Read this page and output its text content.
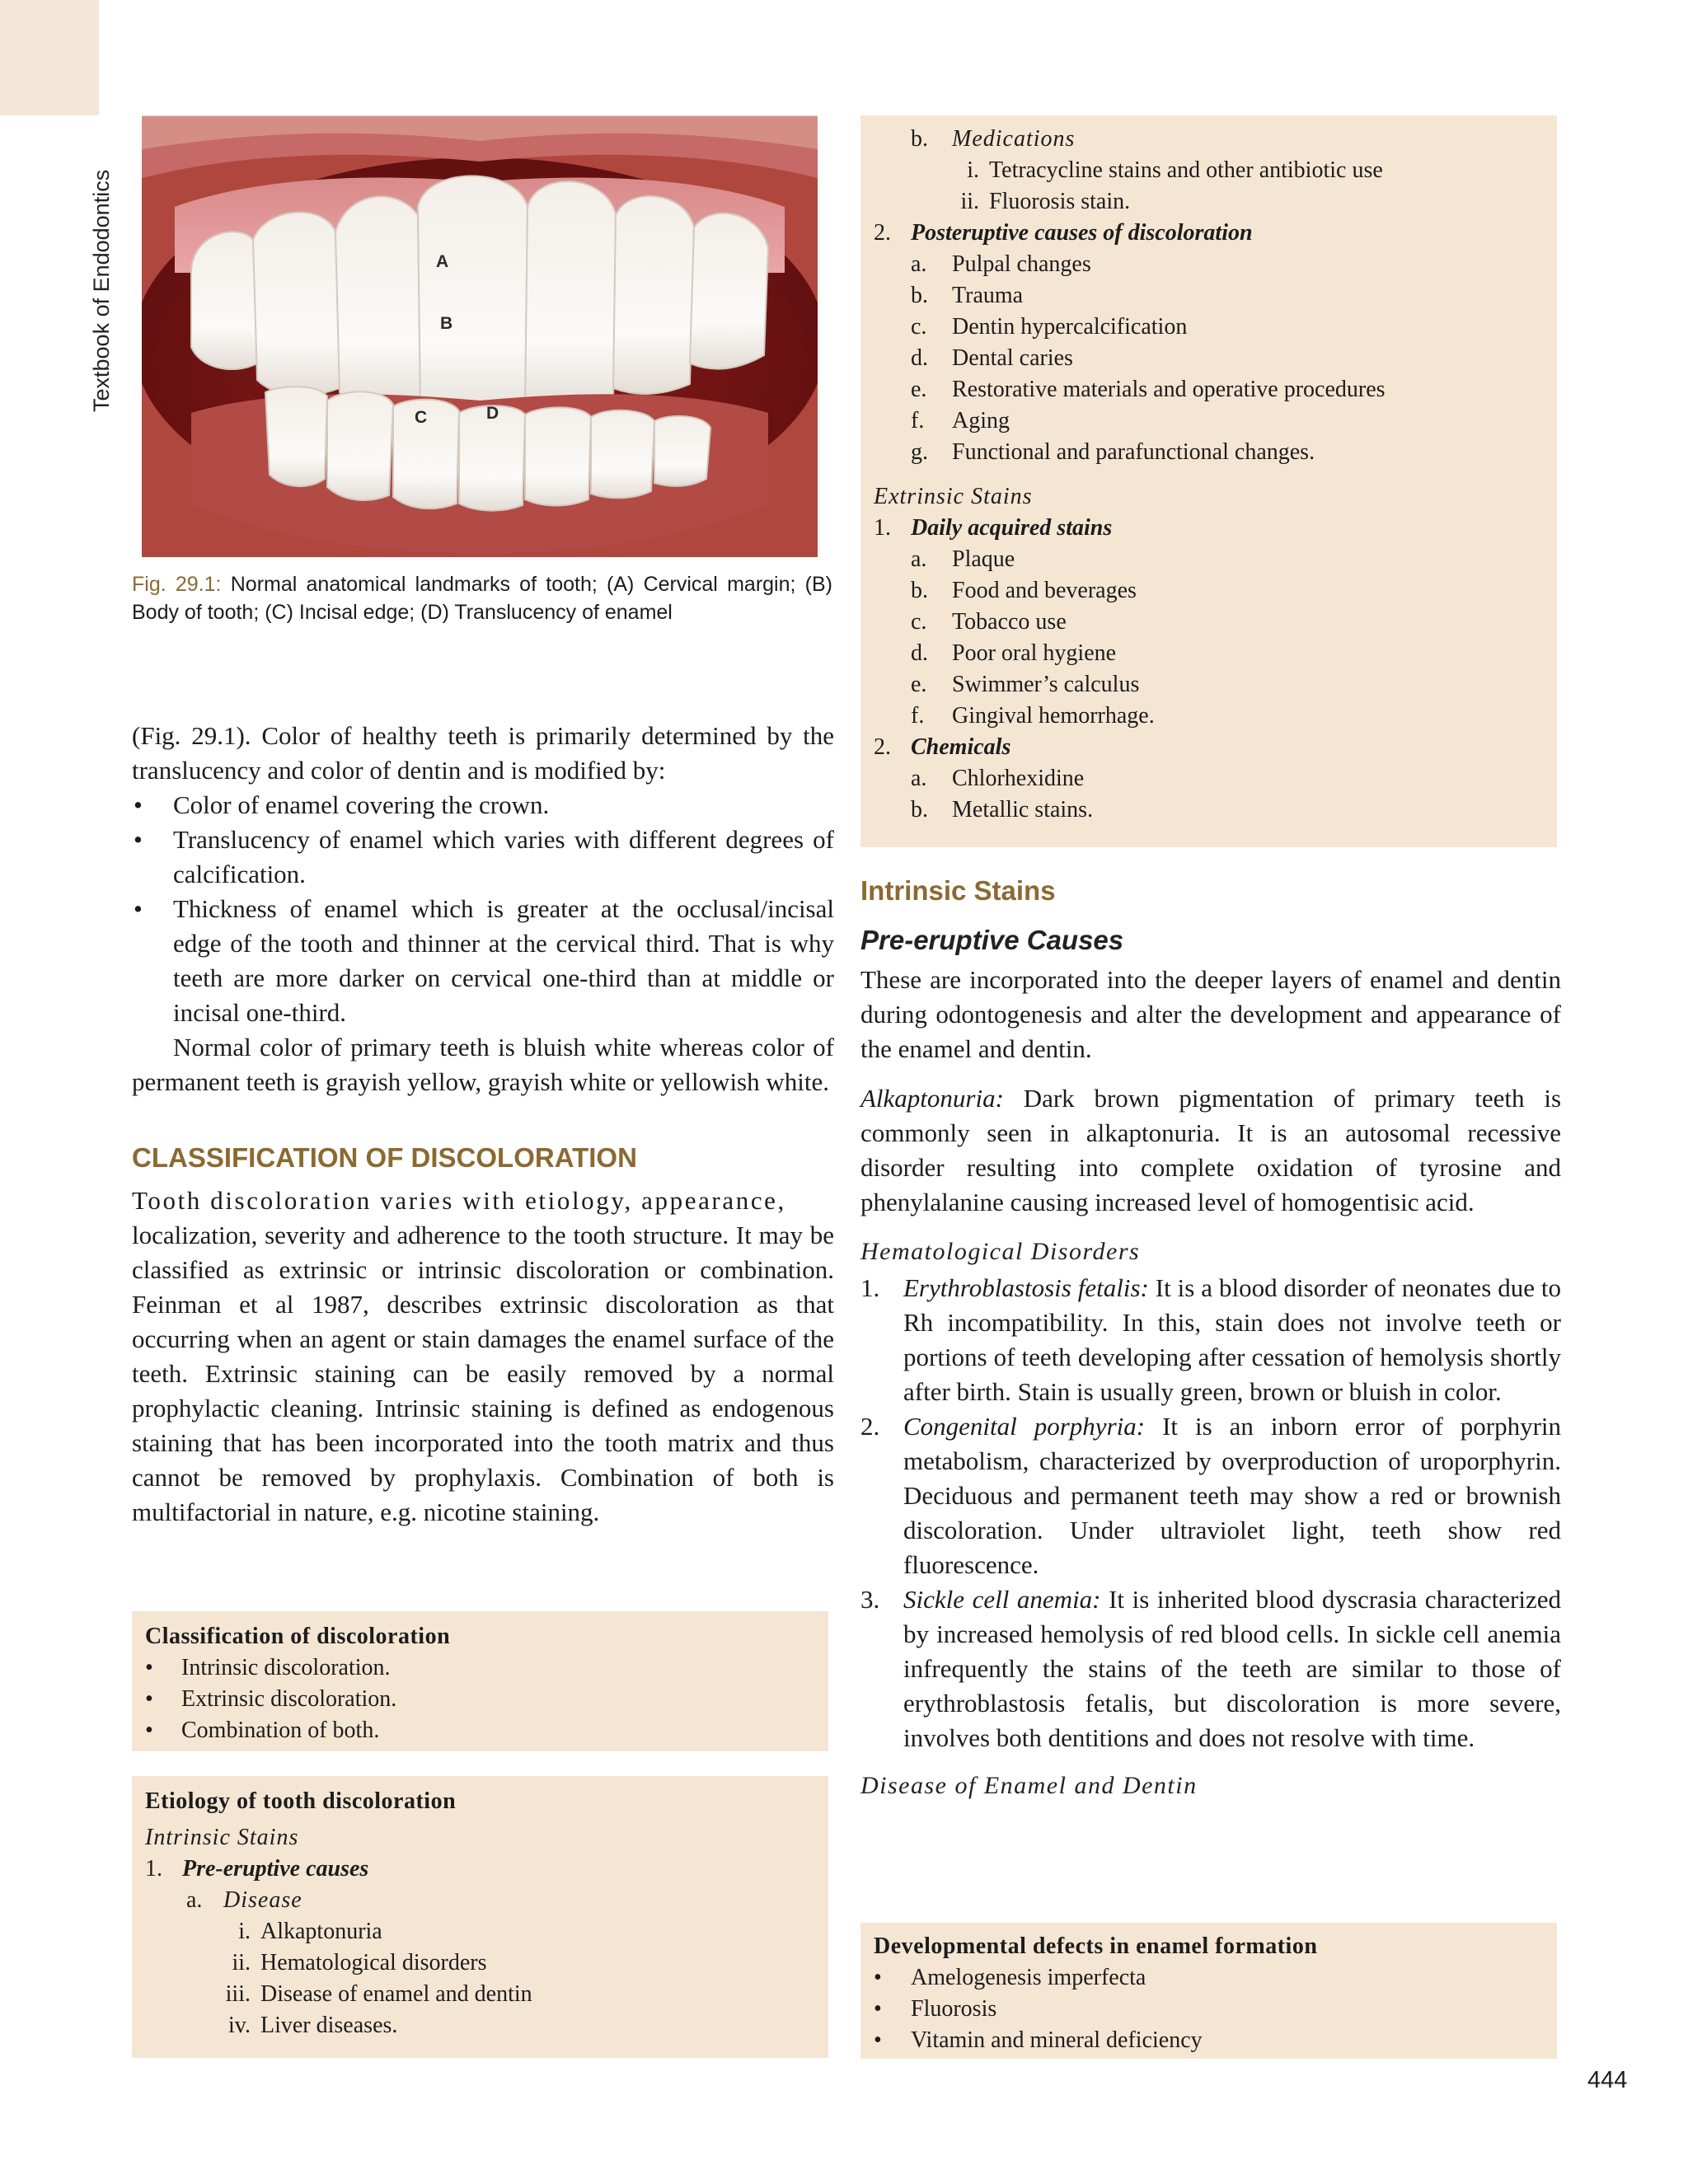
Textbook of Endodontics	A
B
C	D
Fig. 29.1: Normal anatomical landmarks of tooth; (A) Cervical margin; (B) Body of tooth; (C) Incisal edge; (D) Translucency of enamel

(Fig. 29.1). Color of healthy teeth is primarily determined by the translucency and color of dentin and is modified by:

• Color of enamel covering the crown.
• Translucency of enamel which varies with different degrees of calcification.
• Thickness of enamel which is greater at the occlusal/incisal edge of the tooth and thinner at the cervical third. That is why teeth are more darker on cervical one-third than at middle or incisal one-third.

Normal color of primary teeth is bluish white whereas color of permanent teeth is grayish yellow, grayish white or yellowish white.

CLASSIFICATION OF DISCOLORATION

Tooth discoloration varies with etiology, appearance,

localization, severity and adherence to the tooth structure. It may be classified as extrinsic or intrinsic discoloration or combination. Feinman et al 1987, describes extrinsic discoloration as that occurring when an agent or stain damages the enamel surface of the teeth. Extrinsic staining can be easily removed by a normal prophylactic cleaning. Intrinsic staining is defined as endogenous staining that has been incorporated into the tooth matrix and thus cannot be removed by prophylaxis. Combination of both is multifactorial in nature, e.g. nicotine staining.

Classification of discoloration
• Intrinsic discoloration.
• Extrinsic discoloration.
• Combination of both.
Etiology of tooth discoloration
Intrinsic Stains
1. Pre-eruptive causes
a. Disease
i. Alkaptonuria
ii. Hematological disorders
iii. Disease of enamel and dentin
iv. Liver diseases.
b. Medications
i. Tetracycline stains and other antibiotic use
ii. Fluorosis stain.
2. Posteruptive causes of discoloration
a. Pulpal changes
b. Trauma
c. Dentin hypercalcification
d. Dental caries
e. Restorative materials and operative procedures
f. Aging
g. Functional and parafunctional changes.
Extrinsic Stains
1. Daily acquired stains
a. Plaque
b. Food and beverages
c. Tobacco use
d. Poor oral hygiene
e. Swimmer’s calculus
f. Gingival hemorrhage.
2. Chemicals
a. Chlorhexidine
b. Metallic stains.
Intrinsic Stains
Pre-eruptive Causes

These are incorporated into the deeper layers of enamel and dentin during odontogenesis and alter the development and appearance of the enamel and dentin.

Alkaptonuria: Dark brown pigmentation of primary teeth is commonly seen in alkaptonuria. It is an autosomal recessive disorder resulting into complete oxidation of tyrosine and phenylalanine causing increased level of homogentisic acid.

Hematological Disorders

1. Erythroblastosis fetalis: It is a blood disorder of neonates due to Rh incompatibility. In this, stain does not involve teeth or portions of teeth developing after cessation of hemolysis shortly after birth. Stain is usually green, brown or bluish in color.
2. Congenital porphyria: It is an inborn error of porphyrin metabolism, characterized by overproduction of uroporphyrin. Deciduous and permanent teeth may show a red or brownish discoloration. Under ultraviolet light, teeth show red fluorescence.
3. Sickle cell anemia: It is inherited blood dyscrasia characterized by increased hemolysis of red blood cells. In sickle cell anemia infrequently the stains of the teeth are similar to those of erythroblastosis fetalis, but discoloration is more severe, involves both dentitions and does not resolve with time.

Disease of Enamel and Dentin

Developmental defects in enamel formation
• Amelogenesis imperfecta
• Fluorosis
• Vitamin and mineral deficiency
444
